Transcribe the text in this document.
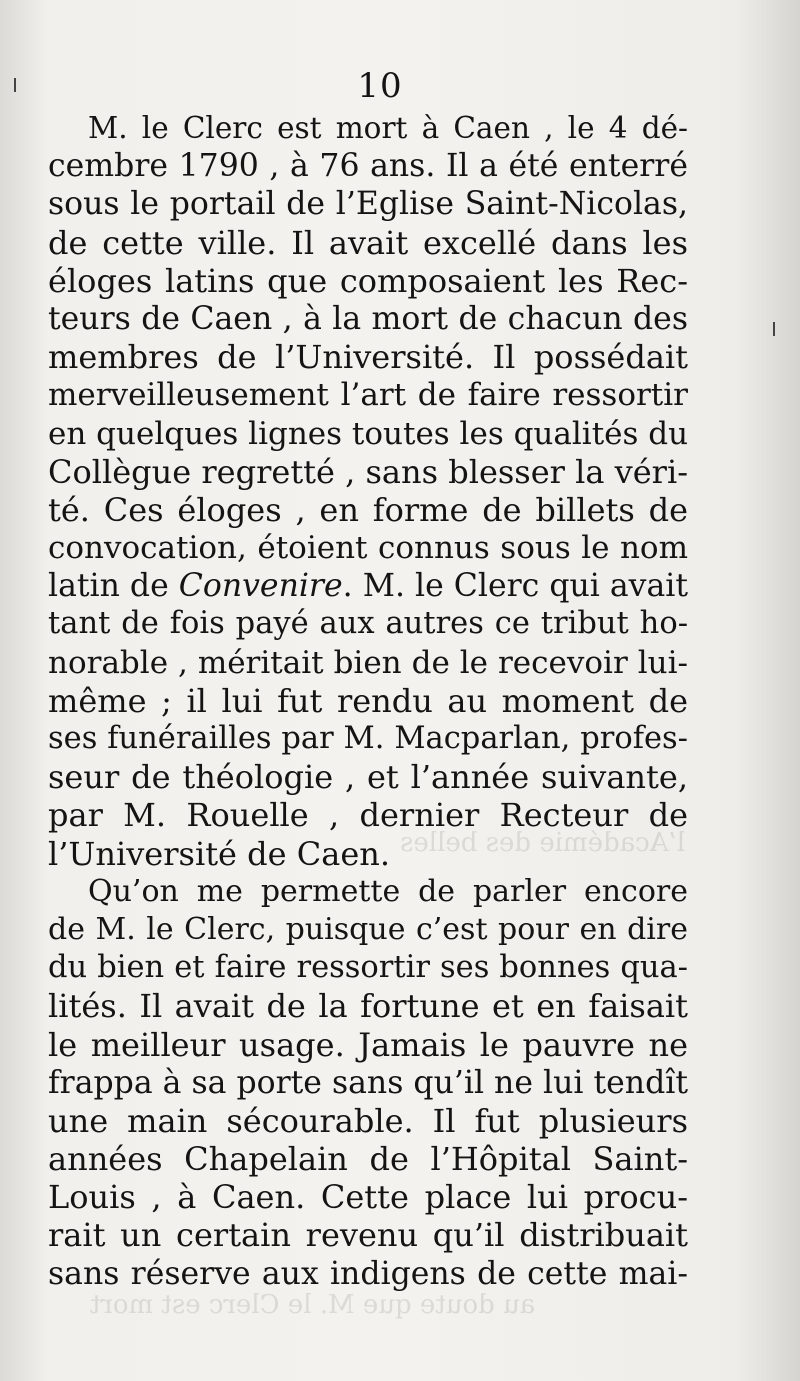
l’Académie des belles
au doute que M. le Clerc est mort
10
M. le Clerc est mort à Caen , le 4 dé-
cembre 1790 , à 76 ans. Il a été enterré
sous le portail de l’Eglise Saint-Nicolas,
de cette ville. Il avait excellé dans les
éloges latins que composaient les Rec-
teurs de Caen , à la mort de chacun des
membres de l’Université. Il possédait
merveilleusement l’art de faire ressortir
en quelques lignes toutes les qualités du
Collègue regretté , sans blesser la véri-
té. Ces éloges , en forme de billets de
convocation, étoient connus sous le nom
latin de Convenire. M. le Clerc qui avait
tant de fois payé aux autres ce tribut ho-
norable , méritait bien de le recevoir lui-
même ; il lui fut rendu au moment de
ses funérailles par M. Macparlan, profes-
seur de théologie , et l’année suivante,
par M. Rouelle , dernier Recteur de
l’Université de Caen.
Qu’on me permette de parler encore
de M. le Clerc, puisque c’est pour en dire
du bien et faire ressortir ses bonnes qua-
lités. Il avait de la fortune et en faisait
le meilleur usage. Jamais le pauvre ne
frappa à sa porte sans qu’il ne lui tendît
une main sécourable. Il fut plusieurs
années Chapelain de l’Hôpital Saint-
Louis , à Caen. Cette place lui procu-
rait un certain revenu qu’il distribuait
sans réserve aux indigens de cette mai-
